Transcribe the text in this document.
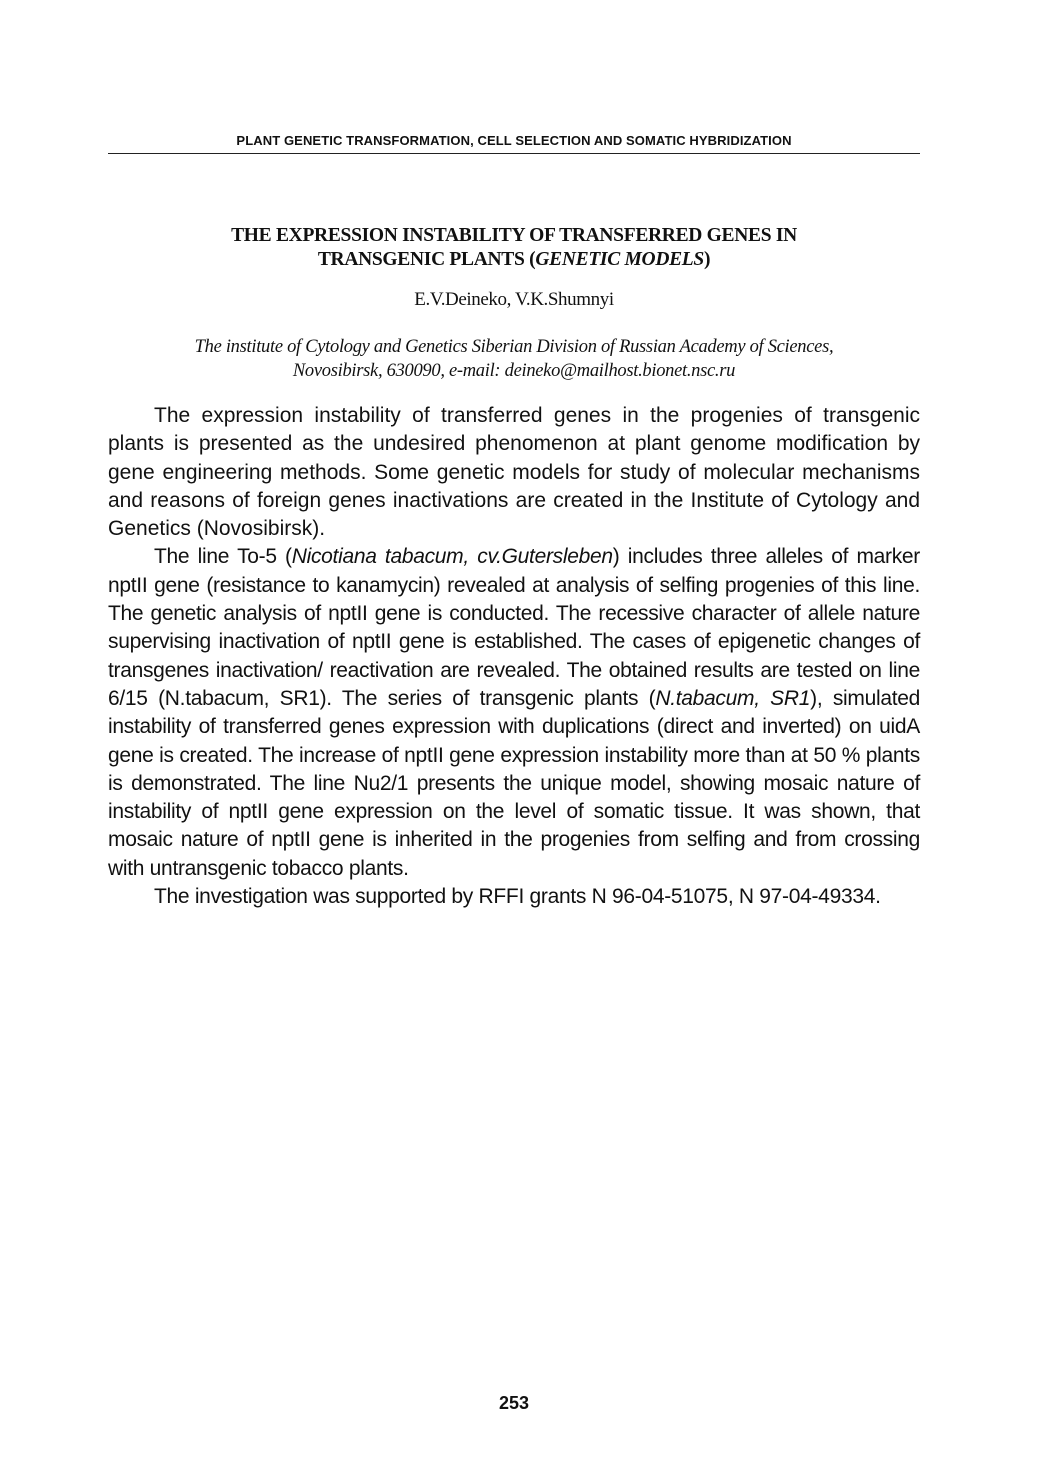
PLANT GENETIC TRANSFORMATION, CELL SELECTION AND SOMATIC HYBRIDIZATION
THE EXPRESSION INSTABILITY OF TRANSFERRED GENES IN
TRANSGENIC PLANTS (GENETIC MODELS)
E.V.Deineko, V.K.Shumnyi
The institute of Cytology and Genetics Siberian Division of Russian Academy of Sciences,
Novosibirsk, 630090, e-mail: deineko@mailhost.bionet.nsc.ru

The expression instability of transferred genes in the progenies of transgenic plants is presented as the undesired phenomenon at plant genome modification by gene engineering methods. Some genetic models for study of molecular mechanisms and reasons of foreign genes inactivations are created in the Institute of Cytology and Genetics (Novosibirsk).

The line To-5 (Nicotiana tabacum, cv.Gutersleben) includes three alleles of marker nptII gene (resistance to kanamycin) revealed at analysis of selfing progenies of this line. The genetic analysis of nptII gene is conducted. The recessive character of allele nature supervising inactivation of nptII gene is established. The cases of epigenetic changes of transgenes inactivation/ reactivation are revealed. The obtained results are tested on line 6/15 (N.tabacum, SR1). The series of transgenic plants (N.tabacum, SR1), simulated instability of transferred genes expression with duplications (direct and inverted) on uidA gene is created. The increase of nptII gene expression instability more than at 50 % plants is demonstrated. The line Nu2/1 presents the unique model, showing mosaic nature of instability of nptII gene expression on the level of somatic tissue. It was shown, that mosaic nature of nptII gene is inherited in the progenies from selfing and from crossing with untransgenic tobacco plants.

The investigation was supported by RFFI grants N 96-04-51075, N 97-04-49334.

253
